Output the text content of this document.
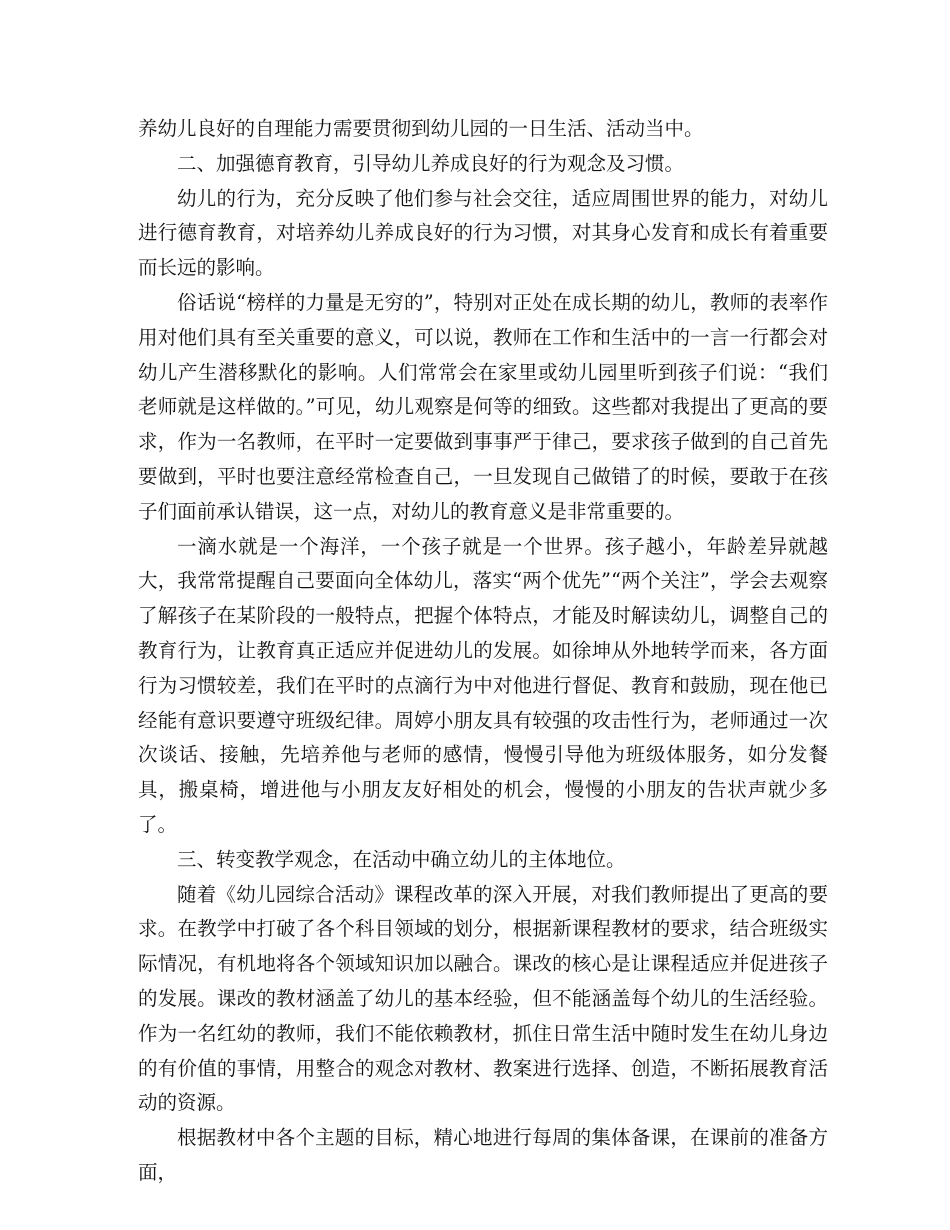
养幼儿良好的自理能力需要贯彻到幼儿园的一日生活、活动当中。

二、加强德育教育，引导幼儿养成良好的行为观念及习惯。

幼儿的行为，充分反映了他们参与社会交往，适应周围世界的能力，对幼儿进行德育教育，对培养幼儿养成良好的行为习惯，对其身心发育和成长有着重要而长远的影响。

俗话说“榜样的力量是无穷的”，特别对正处在成长期的幼儿，教师的表率作用对他们具有至关重要的意义，可以说，教师在工作和生活中的一言一行都会对幼儿产生潜移默化的影响。人们常常会在家里或幼儿园里听到孩子们说：“我们老师就是这样做的。”可见，幼儿观察是何等的细致。这些都对我提出了更高的要求，作为一名教师，在平时一定要做到事事严于律己，要求孩子做到的自己首先要做到，平时也要注意经常检查自己，一旦发现自己做错了的时候，要敢于在孩子们面前承认错误，这一点，对幼儿的教育意义是非常重要的。

一滴水就是一个海洋，一个孩子就是一个世界。孩子越小，年龄差异就越大，我常常提醒自己要面向全体幼儿，落实“两个优先”“两个关注”，学会去观察了解孩子在某阶段的一般特点，把握个体特点，才能及时解读幼儿，调整自己的教育行为，让教育真正适应并促进幼儿的发展。如徐坤从外地转学而来，各方面行为习惯较差，我们在平时的点滴行为中对他进行督促、教育和鼓励，现在他已经能有意识要遵守班级纪律。周婷小朋友具有较强的攻击性行为，老师通过一次次谈话、接触，先培养他与老师的感情，慢慢引导他为班级体服务，如分发餐具，搬桌椅，增进他与小朋友友好相处的机会，慢慢的小朋友的告状声就少多了。

三、转变教学观念，在活动中确立幼儿的主体地位。

随着《幼儿园综合活动》课程改革的深入开展，对我们教师提出了更高的要求。在教学中打破了各个科目领域的划分，根据新课程教材的要求，结合班级实际情况，有机地将各个领域知识加以融合。课改的核心是让课程适应并促进孩子的发展。课改的教材涵盖了幼儿的基本经验，但不能涵盖每个幼儿的生活经验。作为一名红幼的教师，我们不能依赖教材，抓住日常生活中随时发生在幼儿身边的有价值的事情，用整合的观念对教材、教案进行选择、创造，不断拓展教育活动的资源。

根据教材中各个主题的目标，精心地进行每周的集体备课，在课前的准备方面，
